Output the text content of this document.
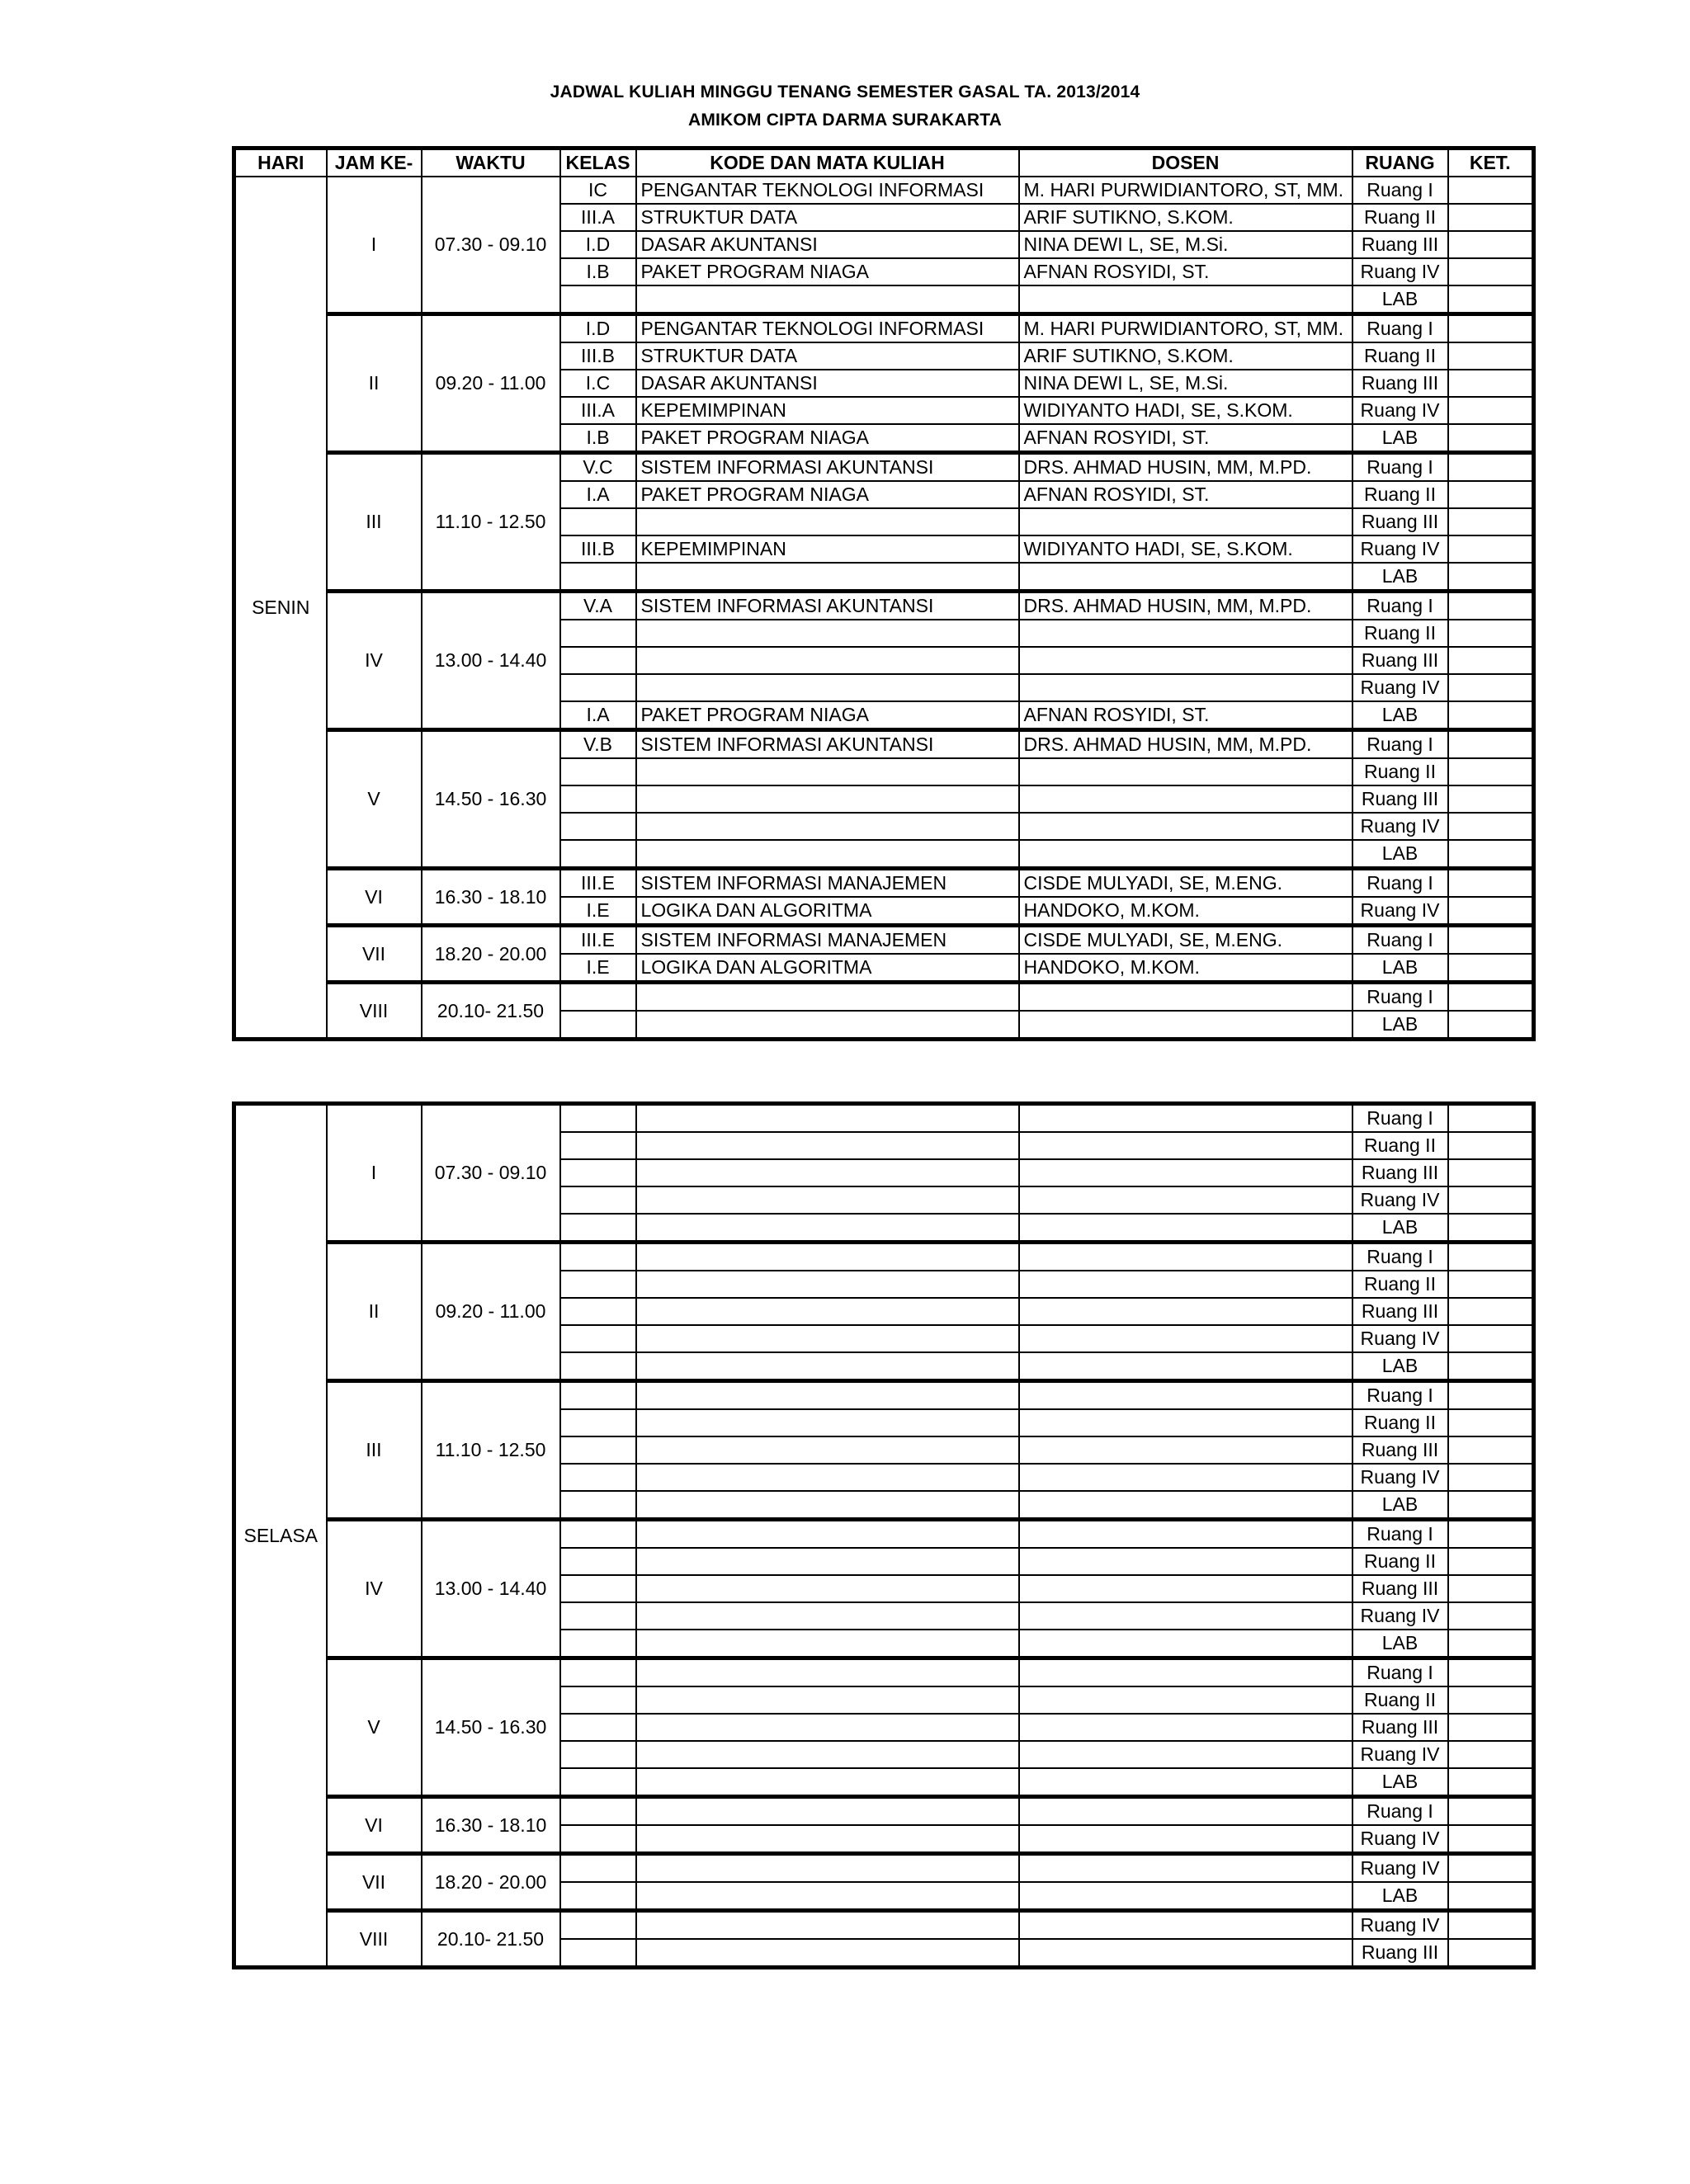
JADWAL KULIAH MINGGU TENANG SEMESTER GASAL TA. 2013/2014
AMIKOM CIPTA DARMA SURAKARTA
HARI	JAM KE-	WAKTU	KELAS	KODE DAN MATA KULIAH	DOSEN	RUANG	KET.
SENIN	I	07.30 - 09.10	IC	PENGANTAR TEKNOLOGI INFORMASI	M. HARI PURWIDIANTORO, ST, MM.	Ruang I	
			III.A	STRUKTUR DATA	ARIF SUTIKNO, S.KOM.	Ruang II	
			I.D	DASAR AKUNTANSI	NINA DEWI L, SE, M.Si.	Ruang III	
			I.B	PAKET PROGRAM NIAGA	AFNAN ROSYIDI, ST.	Ruang IV	
						LAB	
	II	09.20 - 11.00	I.D	PENGANTAR TEKNOLOGI INFORMASI	M. HARI PURWIDIANTORO, ST, MM.	Ruang I	
			III.B	STRUKTUR DATA	ARIF SUTIKNO, S.KOM.	Ruang II	
			I.C	DASAR AKUNTANSI	NINA DEWI L, SE, M.Si.	Ruang III	
			III.A	KEPEMIMPINAN	WIDIYANTO HADI, SE, S.KOM.	Ruang IV	
			I.B	PAKET PROGRAM NIAGA	AFNAN ROSYIDI, ST.	LAB	
	III	11.10 - 12.50	V.C	SISTEM INFORMASI AKUNTANSI	DRS. AHMAD HUSIN, MM, M.PD.	Ruang I	
			I.A	PAKET PROGRAM NIAGA	AFNAN ROSYIDI, ST.	Ruang II	
						Ruang III	
			III.B	KEPEMIMPINAN	WIDIYANTO HADI, SE, S.KOM.	Ruang IV	
						LAB	
	IV	13.00 - 14.40	V.A	SISTEM INFORMASI AKUNTANSI	DRS. AHMAD HUSIN, MM, M.PD.	Ruang I	
						Ruang II	
						Ruang III	
						Ruang IV	
			I.A	PAKET PROGRAM NIAGA	AFNAN ROSYIDI, ST.	LAB	
	V	14.50 - 16.30	V.B	SISTEM INFORMASI AKUNTANSI	DRS. AHMAD HUSIN, MM, M.PD.	Ruang I	
						Ruang II	
						Ruang III	
						Ruang IV	
						LAB	
	VI	16.30 - 18.10	III.E	SISTEM INFORMASI MANAJEMEN	CISDE MULYADI, SE, M.ENG.	Ruang I	
			I.E	LOGIKA DAN ALGORITMA	HANDOKO, M.KOM.	Ruang IV	
	VII	18.20 - 20.00	III.E	SISTEM INFORMASI MANAJEMEN	CISDE MULYADI, SE, M.ENG.	Ruang I	
			I.E	LOGIKA DAN ALGORITMA	HANDOKO, M.KOM.	LAB	
	VIII	20.10- 21.50				Ruang I	
						LAB	
SELASA	I	07.30 - 09.10				Ruang I	
						Ruang II	
						Ruang III	
						Ruang IV	
						LAB	
	II	09.20 - 11.00				Ruang I	
						Ruang II	
						Ruang III	
						Ruang IV	
						LAB	
	III	11.10 - 12.50				Ruang I	
						Ruang II	
						Ruang III	
						Ruang IV	
						LAB	
	IV	13.00 - 14.40				Ruang I	
						Ruang II	
						Ruang III	
						Ruang IV	
						LAB	
	V	14.50 - 16.30				Ruang I	
						Ruang II	
						Ruang III	
						Ruang IV	
						LAB	
	VI	16.30 - 18.10				Ruang I	
						Ruang IV	
	VII	18.20 - 20.00				Ruang IV	
						LAB	
	VIII	20.10- 21.50				Ruang IV	
						Ruang III	
